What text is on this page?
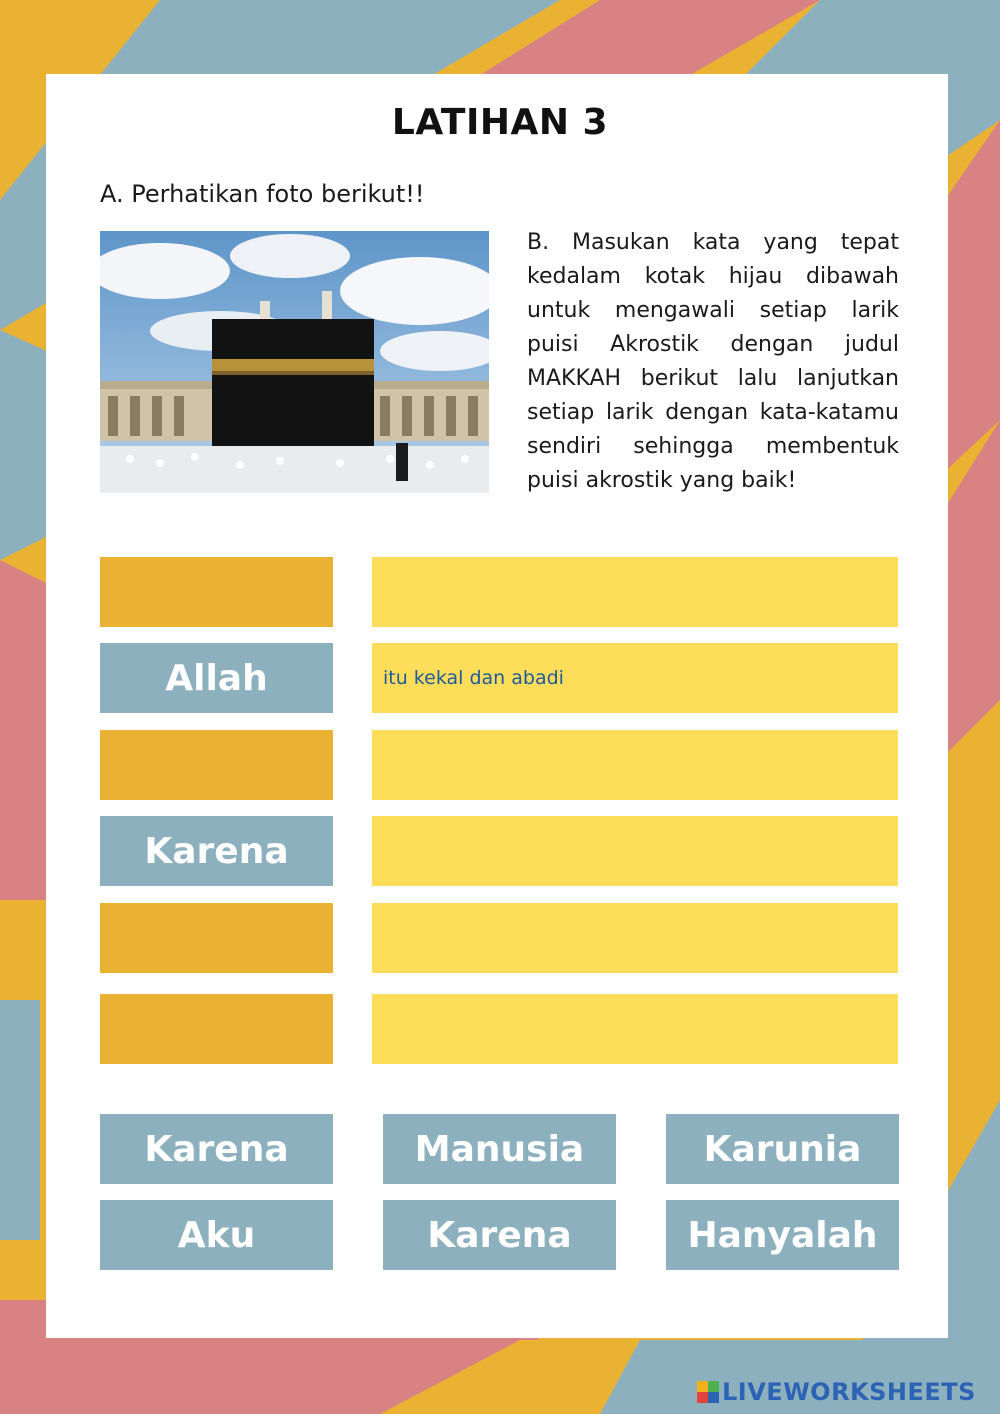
LATIHAN 3
A. Perhatikan foto berikut!!
B. Masukan kata yang tepat kedalam kotak hijau dibawah untuk mengawali setiap larik puisi Akrostik dengan judul MAKKAH berikut lalu lanjutkan setiap larik dengan kata-katamu sendiri sehingga membentuk puisi akrostik yang baik!
Allah	itu kekal dan abadi
Karena
Karena	Manusia	Karunia
Aku	Karena	Hanyalah
LIVEWORKSHEETS
